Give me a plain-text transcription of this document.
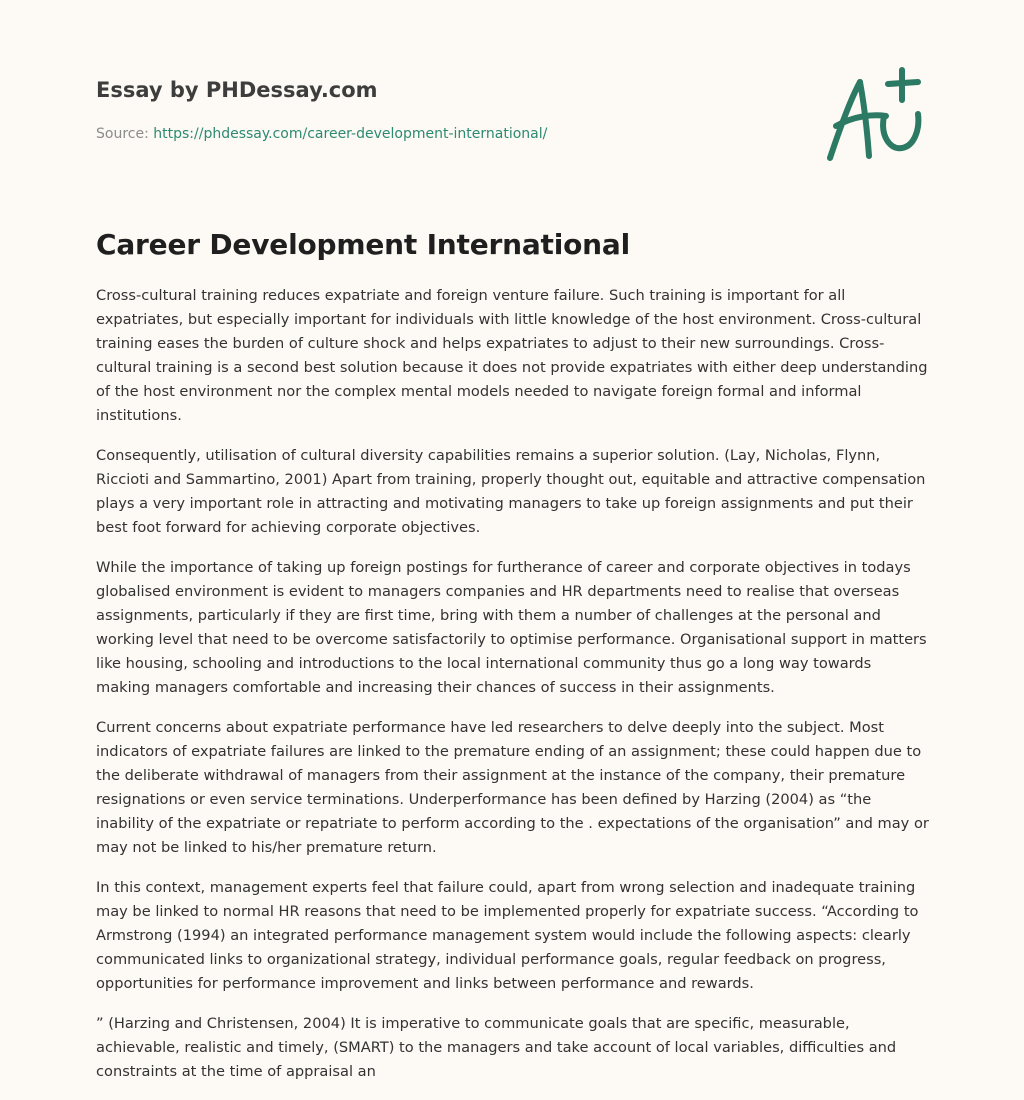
Essay by PHDessay.com
Source: https://phdessay.com/career-development-international/
Career Development International

Cross-cultural training reduces expatriate and foreign venture failure. Such training is important for all expatriates, but especially important for individuals with little knowledge of the host environment. Cross-cultural training eases the burden of culture shock and helps expatriates to adjust to their new surroundings. Cross-cultural training is a second best solution because it does not provide expatriates with either deep understanding of the host environment nor the complex mental models needed to navigate foreign formal and informal institutions.

Consequently, utilisation of cultural diversity capabilities remains a superior solution. (Lay, Nicholas, Flynn, Riccioti and Sammartino, 2001) Apart from training, properly thought out, equitable and attractive compensation plays a very important role in attracting and motivating managers to take up foreign assignments and put their best foot forward for achieving corporate objectives.

While the importance of taking up foreign postings for furtherance of career and corporate objectives in todays globalised environment is evident to managers companies and HR departments need to realise that overseas assignments, particularly if they are first time, bring with them a number of challenges at the personal and working level that need to be overcome satisfactorily to optimise performance. Organisational support in matters like housing, schooling and introductions to the local international community thus go a long way towards making managers comfortable and increasing their chances of success in their assignments.

Current concerns about expatriate performance have led researchers to delve deeply into the subject. Most indicators of expatriate failures are linked to the premature ending of an assignment; these could happen due to the deliberate withdrawal of managers from their assignment at the instance of the company, their premature resignations or even service terminations. Underperformance has been defined by Harzing (2004) as “the inability of the expatriate or repatriate to perform according to the . expectations of the organisation” and may or may not be linked to his/her premature return.

In this context, management experts feel that failure could, apart from wrong selection and inadequate training may be linked to normal HR reasons that need to be implemented properly for expatriate success. “According to Armstrong (1994) an integrated performance management system would include the following aspects: clearly communicated links to organizational strategy, individual performance goals, regular feedback on progress, opportunities for performance improvement and links between performance and rewards.

” (Harzing and Christensen, 2004) It is imperative to communicate goals that are specific, measurable, achievable, realistic and timely, (SMART) to the managers and take account of local variables, difficulties and constraints at the time of appraisal an
